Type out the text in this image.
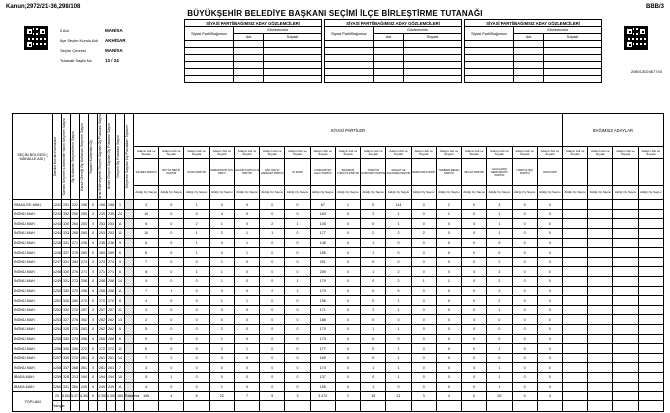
Kanun;2972/21-36,298/108	BBB/3
BÜYÜKŞEHİR BELEDİYE BAŞKANI SEÇİMİ İLÇE BİRLEŞTİRME TUTANAĞI
20801302467740
İl Adı	MANİSA
İlçe Seçim Kurulu Adı	AKHİSAR
Seçim Çevresi	MANİSA
Tutanak Sayfa No	13 / 24
SİYASİ PARTİ/BAĞIMSIZ ADAY GÖZLEMCİLERİ		
Siyasi Parti/Bağımsız	Gözlemcinin	
	Adı	Soyadı

SİYASİ PARTİ/BAĞIMSIZ ADAY GÖZLEMCİLERİ		
Siyasi Parti/Bağımsız	Gözlemcinin	
	Adı	Soyadı

SİYASİ PARTİ/BAĞIMSIZ ADAY GÖZLEMCİLERİ		
Siyasi Parti/Bağımsız	Gözlemcinin	
	Adı	Soyadı

SEÇİM BÖLGESİ ( MAHALLE ADI )	Sandık Kurulu Numarası	Sandık Seçmen Listesinde Yazılı Seçmen Sayısı	Oy Kullanan Seçmenlerin Sayısı	Kanun Gereği Oy Kullanan Seçmen Sayısı	Toplam Kullanılan Oy	İtiraz Edilmeyerek Geçerli Sayılan Oy Pusulası Sayısı	İtirazlı Geçerli Sayılan Oy Pusulası Sayısı	Geçerli Oy Pusulası Sayısı	Geçersiz Sayılan Oy Pusulaları Toplamı	SİYASİ PARTİLER																	BAĞIMSIZ ADAYLAR			
										Adayın Adı ve Soyadı	Adayın Adı ve Soyadı	Adayın Adı ve Soyadı	Adayın Adı ve Soyadı	Adayın Adı ve Soyadı	Adayın Adı ve Soyadı	Adayın Adı ve Soyadı	Adayın Adı ve Soyadı	Adayın Adı ve Soyadı	Adayın Adı ve Soyadı	Adayın Adı ve Soyadı	Adayın Adı ve Soyadı	Adayın Adı ve Soyadı	Adayın Adı ve Soyadı	Adayın Adı ve Soyadı	Adayın Adı ve Soyadı	Adayın Adı ve Soyadı	Adayın Adı ve Soyadı	Adayın Adı ve Soyadı	Adayın Adı ve Soyadı	Adayın Adı ve Soyadı
										SAADET PARTİSİ	BÜYÜK BİRLİK PARTİSİ	VATAN PARTİSİ	DEMOKRATİK SOL PARTİ	HALKIN KURTULUŞ PARTİSİ	MİLLİYETÇİ HAREKET PARTİSİ	İYİ PARTİ	CUMHURİYET HALK PARTİSİ	BAĞIMSIZ TÜRKİYE PARTİSİ	TÜRKİYE KOMÜNİST PARTİSİ	ADALET VE KALKINMA PARTİSİ	DEMOKRAT PARTİ	YENİDEN REFAH PARTİSİ	MİLLET PARTİSİ	HALKLARIN DEMOKRATİK PARTİSİ	TÜRKİYE İŞÇİ PARTİSİ	YENİ PARTİ				
										Aldığı Oy Sayısı	Aldığı Oy Sayısı	Aldığı Oy Sayısı	Aldığı Oy Sayısı	Aldığı Oy Sayısı	Aldığı Oy Sayısı	Aldığı Oy Sayısı	Aldığı Oy Sayısı	Aldığı Oy Sayısı	Aldığı Oy Sayısı	Aldığı Oy Sayısı	Aldığı Oy Sayısı	Aldığı Oy Sayısı	Aldığı Oy Sayısı	Aldığı Oy Sayısı	Aldığı Oy Sayısı	Aldığı Oy Sayısı	Aldığı Oy Sayısı	Aldığı Oy Sayısı	Aldığı Oy Sayısı	Aldığı Oy Sayısı
İSMAİLİYE MAH.	1241	231	222	198	0	198	198	1		3	0	1	0	0	0	0	67	1	0	114	0	2	0	3	0	0				
İNÖNÜ MAH.	1242	352	290	250	0	239	239	24		10	0	0	4	0	0	0	163	0	2	1	0	1	0	1	0	0				
İNÖNÜ MAH.	1243	330	264	253	0	253	253	11		6	0	2	1	0	2	1	145	0	0	1	0	0	0	1	0	0				
İNÖNÜ MAH.	1244	333	268	260	0	253	253	11		10	0	1	2	1	1	0	177	0	2	2	2	0	0	1	0	0				
İNÖNÜ MAH.	1245	331	271	236	0	236	236	9		6	0	1	0	1	0	0	148	0	1	0	0	0	0	5	0	0				
İNÖNÜ MAH.	1246	337	275	269	0	269	269	6		8	0	1	0	1	0	0	185	0	1	0	0	0	0	0	0	0				
İNÖNÜ MAH.	1247	331	284	274	0	274	274	9		7	0	0	1	0	0	0	201	0	0	0	0	0	0	2	0	0				
İNÖNÜ MAH.	1248	330	276	271	0	271	271	6		8	0	1	1	0	0	0	209	0	1	2	0	0	0	3	0	0				
İNÖNÜ MAH.	1249	331	273	258	0	258	258	14		4	0	0	1	0	0	1	179	0	0	2	1	1	0	2	0	0				
İNÖNÜ MAH.	1250	330	270	258	0	258	258	11		7	1	0	0	0	2	1	170	0	0	5	0	0	0	3	0	0				
İNÖNÜ MAH.	1251	326	280	270	0	270	270	8		4	0	0	1	1	0	0	196	0	0	1	0	0	0	2	0	0				
İNÖNÜ MAH.	1252	330	270	257	0	257	257	11		3	0	0	0	0	0	0	171	0	2	1	0	0	0	1	0	0				
İNÖNÜ MAH.	1253	327	276	262	0	262	262	13		2	0	0	0	0	0	0	188	0	0	0	0	0	0	0	0	0				
İNÖNÜ MAH.	1254	335	270	262	0	262	262	5		5	0	0	2	0	0	0	175	0	1	1	0	0	0	0	0	0				
İNÖNÜ MAH.	1255	330	279	268	0	268	268	6		9	0	0	1	0	0	0	173	0	0	0	0	0	0	0	0	0				
İNÖNÜ MAH.	1256	330	290	272	0	272	272	11		6	0	0	2	1	0	0	177	0	0	1	0	0	0	1	0	0				
İNÖNÜ MAH.	1257	335	270	261	0	261	261	14		7	2	0	0	0	0	0	169	0	0	1	0	0	0	0	0	0				
İNÖNÜ MAH.	1258	337	268	261	0	261	261	7		3	0	0	0	0	0	0	174	0	1	1	0	0	0	1	0	0				
İBADA MAH.	1259	328	213	194	0	194	194	10		5	1	0	0	0	0	0	137	0	0	1	0	0	0	1	0	0				
İBADA MAH.	1260	331	260	249	0	249	249	11		4	0	0	1	0	0	0	155	0	1	0	0	0	0	1	0	0				
TOPLAM	20	6.602	5.477	4.392	0	4.392	4.392	184	Rakamla	106	4	8	22	7	5	3	3.472	2	15	21	3	4	0	26	0	0				
	Yazıyla																													
